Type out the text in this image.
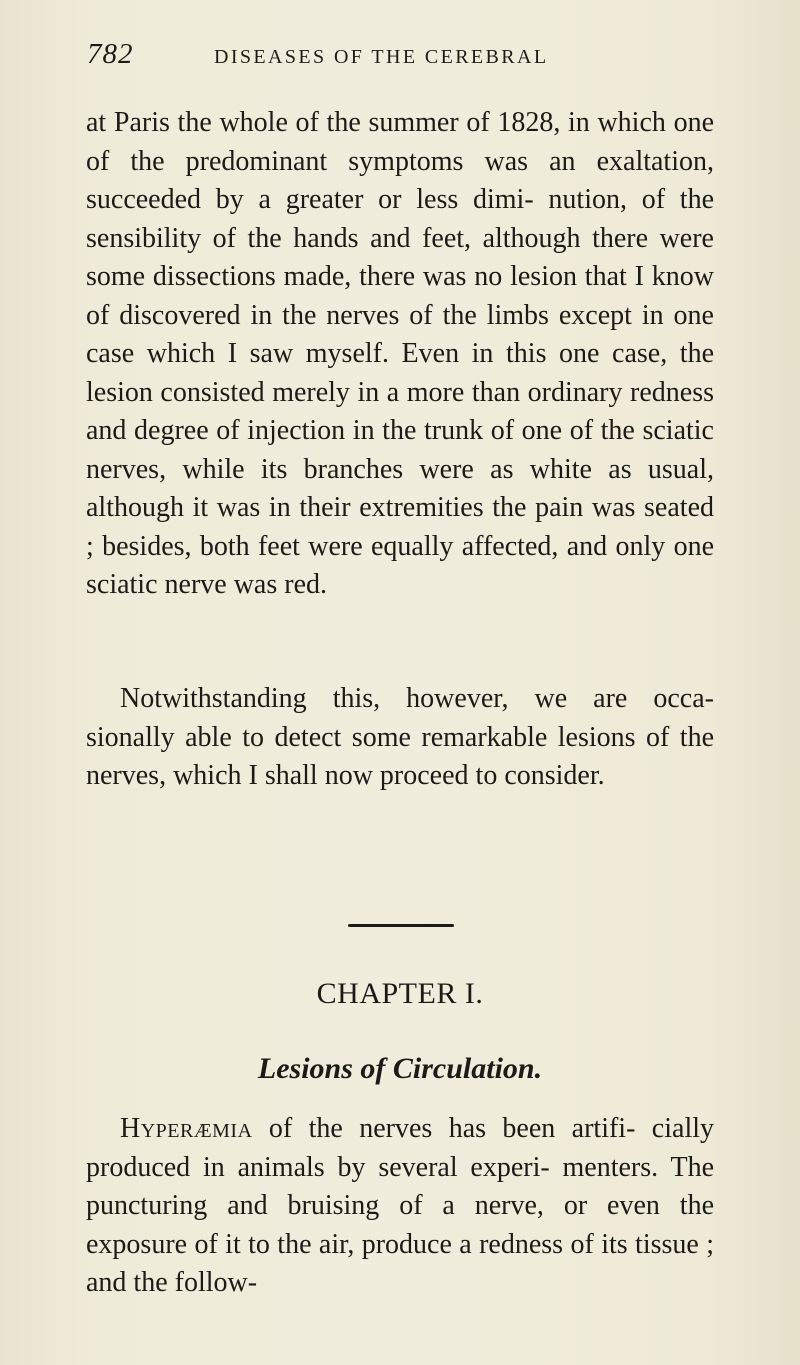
782	DISEASES OF THE CEREBRAL

at Paris the whole of the summer of 1828, in which one of the predominant symptoms was an exaltation, succeeded by a greater or less dimi- nution, of the sensibility of the hands and feet, although there were some dissections made, there was no lesion that I know of discovered in the nerves of the limbs except in one case which I saw myself. Even in this one case, the lesion consisted merely in a more than ordinary redness and degree of injection in the trunk of one of the sciatic nerves, while its branches were as white as usual, although it was in their extremities the pain was seated ; besides, both feet were equally affected, and only one sciatic nerve was red.

Notwithstanding this, however, we are occa- sionally able to detect some remarkable lesions of the nerves, which I shall now proceed to consider.

CHAPTER I.
Lesions of Circulation.

Hyperæmia of the nerves has been artifi- cially produced in animals by several experi- menters. The puncturing and bruising of a nerve, or even the exposure of it to the air, produce a redness of its tissue ; and the follow-
